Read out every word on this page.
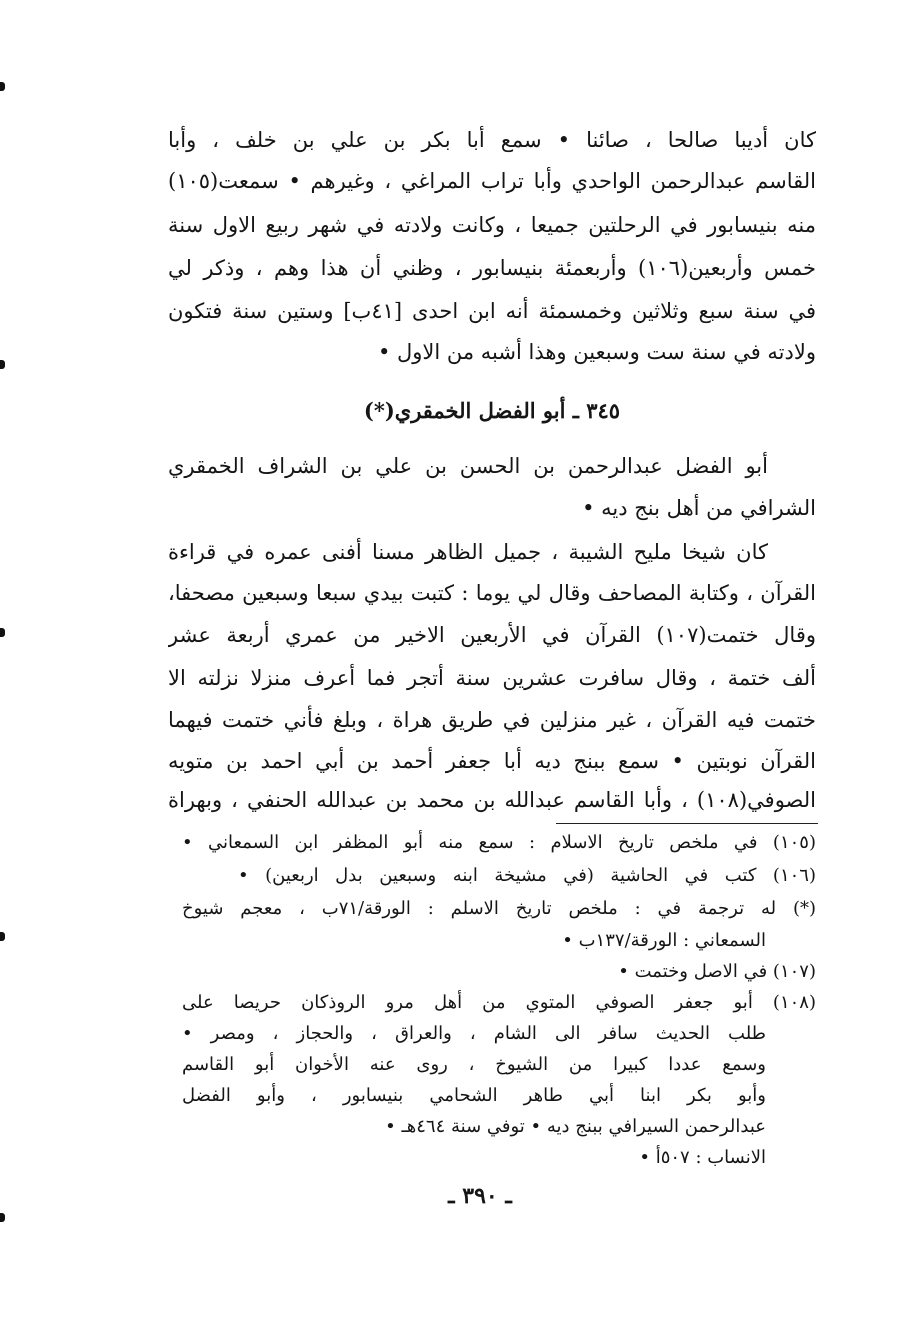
كان أديبا صالحا ، صائنا • سمع أبا بكر بن علي بن خلف ، وأبا
القاسم عبدالرحمن الواحدي وأبا تراب المراغي ، وغيرهم • سمعت(١٠٥)
منه بنيسابور في الرحلتين جميعا ، وكانت ولادته في شهر ربيع الاول سنة
خمس وأربعين(١٠٦) وأربعمئة بنيسابور ، وظني أن هذا وهم ، وذكر لي
في سنة سبع وثلاثين وخمسمئة أنه ابن احدى [٤١ب] وستين سنة فتكون
ولادته في سنة ست وسبعين وهذا أشبه من الاول •
٣٤٥ ـ أبو الفضل الخمقري(*)
أبو الفضل عبدالرحمن بن الحسن بن علي بن الشراف الخمقري
الشرافي من أهل بنج ديه •
كان شيخا مليح الشيبة ، جميل الظاهر مسنا أفنى عمره في قراءة
القرآن ، وكتابة المصاحف وقال لي يوما : كتبت بيدي سبعا وسبعين مصحفا،
وقال ختمت(١٠٧) القرآن في الأربعين الاخير من عمري أربعة عشر
ألف ختمة ، وقال سافرت عشرين سنة أتجر فما أعرف منزلا نزلته الا
ختمت فيه القرآن ، غير منزلين في طريق هراة ، وبلغ فأني ختمت فيهما
القرآن نوبتين • سمع ببنج ديه أبا جعفر أحمد بن أبي احمد بن متويه
الصوفي(١٠٨) ، وأبا القاسم عبدالله بن محمد بن عبدالله الحنفي ، وبهراة
(١٠٥) في ملخص تاريخ الاسلام : سمع منه أبو المظفر ابن السمعاني •
(١٠٦) كتب في الحاشية (في مشيخة ابنه وسبعين بدل اربعين) •
(*) له ترجمة في : ملخص تاريخ الاسلم : الورقة/٧١ب ، معجم شيوخ
السمعاني : الورقة/١٣٧ب •
(١٠٧) في الاصل وختمت •
(١٠٨) أبو جعفر الصوفي المتوي من أهل مرو الروذكان حريصا على
طلب الحديث سافر الى الشام ، والعراق ، والحجاز ، ومصر •
وسمع عددا كبيرا من الشيوخ ، روى عنه الأخوان أبو القاسم
وأبو بكر ابنا أبي طاهر الشحامي بنيسابور ، وأبو الفضل
عبدالرحمن السيرافي ببنج ديه • توفي سنة ٤٦٤هـ •
الانساب : ٥٠٧أ •
ـ ٣٩٠ ـ
